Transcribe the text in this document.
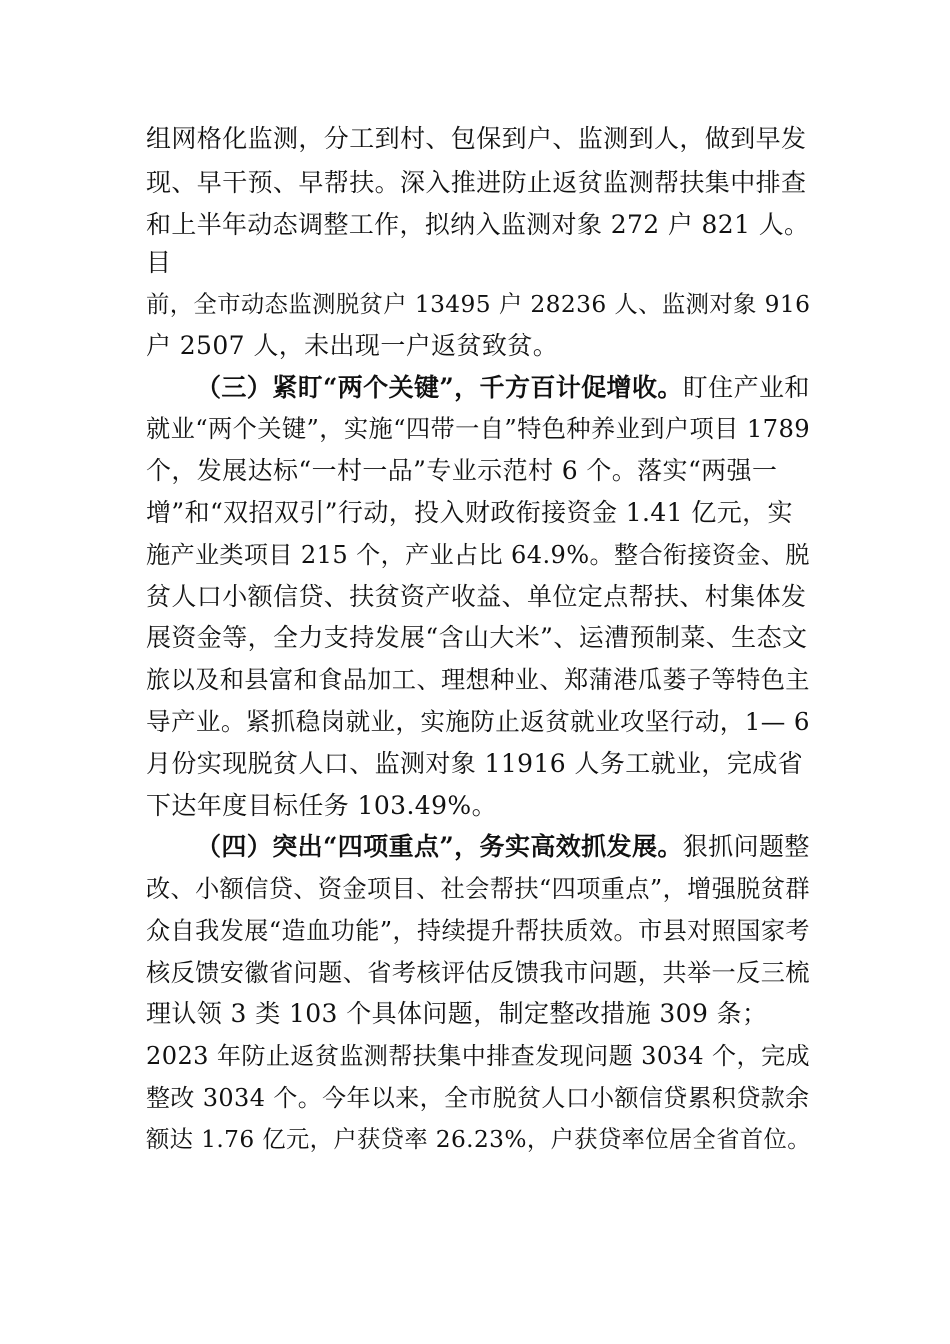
组网格化监测，分工到村、包保到户、监测到人，做到早发
现、早干预、早帮扶。深入推进防止返贫监测帮扶集中排查
和上半年动态调整工作，拟纳入监测对象 272 户 821 人。
目
前，全市动态监测脱贫户 13495 户 28236 人、监测对象 916
户 2507 人，未出现一户返贫致贫。
（三）紧盯“两个关键”，千方百计促增收。盯住产业和
就业“两个关键”，实施“四带一自”特色种养业到户项目 1789
个，发展达标“一村一品”专业示范村 6 个。落实“两强一
增”和“双招双引”行动，投入财政衔接资金 1.41 亿元，实
施产业类项目 215 个，产业占比 64.9%。整合衔接资金、脱
贫人口小额信贷、扶贫资产收益、单位定点帮扶、村集体发
展资金等，全力支持发展“含山大米”、运漕预制菜、生态文
旅以及和县富和食品加工、理想种业、郑蒲港瓜蒌子等特色主
导产业。紧抓稳岗就业，实施防止返贫就业攻坚行动，1— 6
月份实现脱贫人口、监测对象 11916 人务工就业，完成省
下达年度目标任务 103.49%。
（四）突出“四项重点”，务实高效抓发展。狠抓问题整
改、小额信贷、资金项目、社会帮扶“四项重点”，增强脱贫群
众自我发展“造血功能”，持续提升帮扶质效。市县对照国家考
核反馈安徽省问题、省考核评估反馈我市问题，共举一反三梳
理认领 3 类 103 个具体问题，制定整改措施 309 条；
2023 年防止返贫监测帮扶集中排查发现问题 3034 个，完成
整改 3034 个。今年以来，全市脱贫人口小额信贷累积贷款余
额达 1.76 亿元，户获贷率 26.23%，户获贷率位居全省首位。
